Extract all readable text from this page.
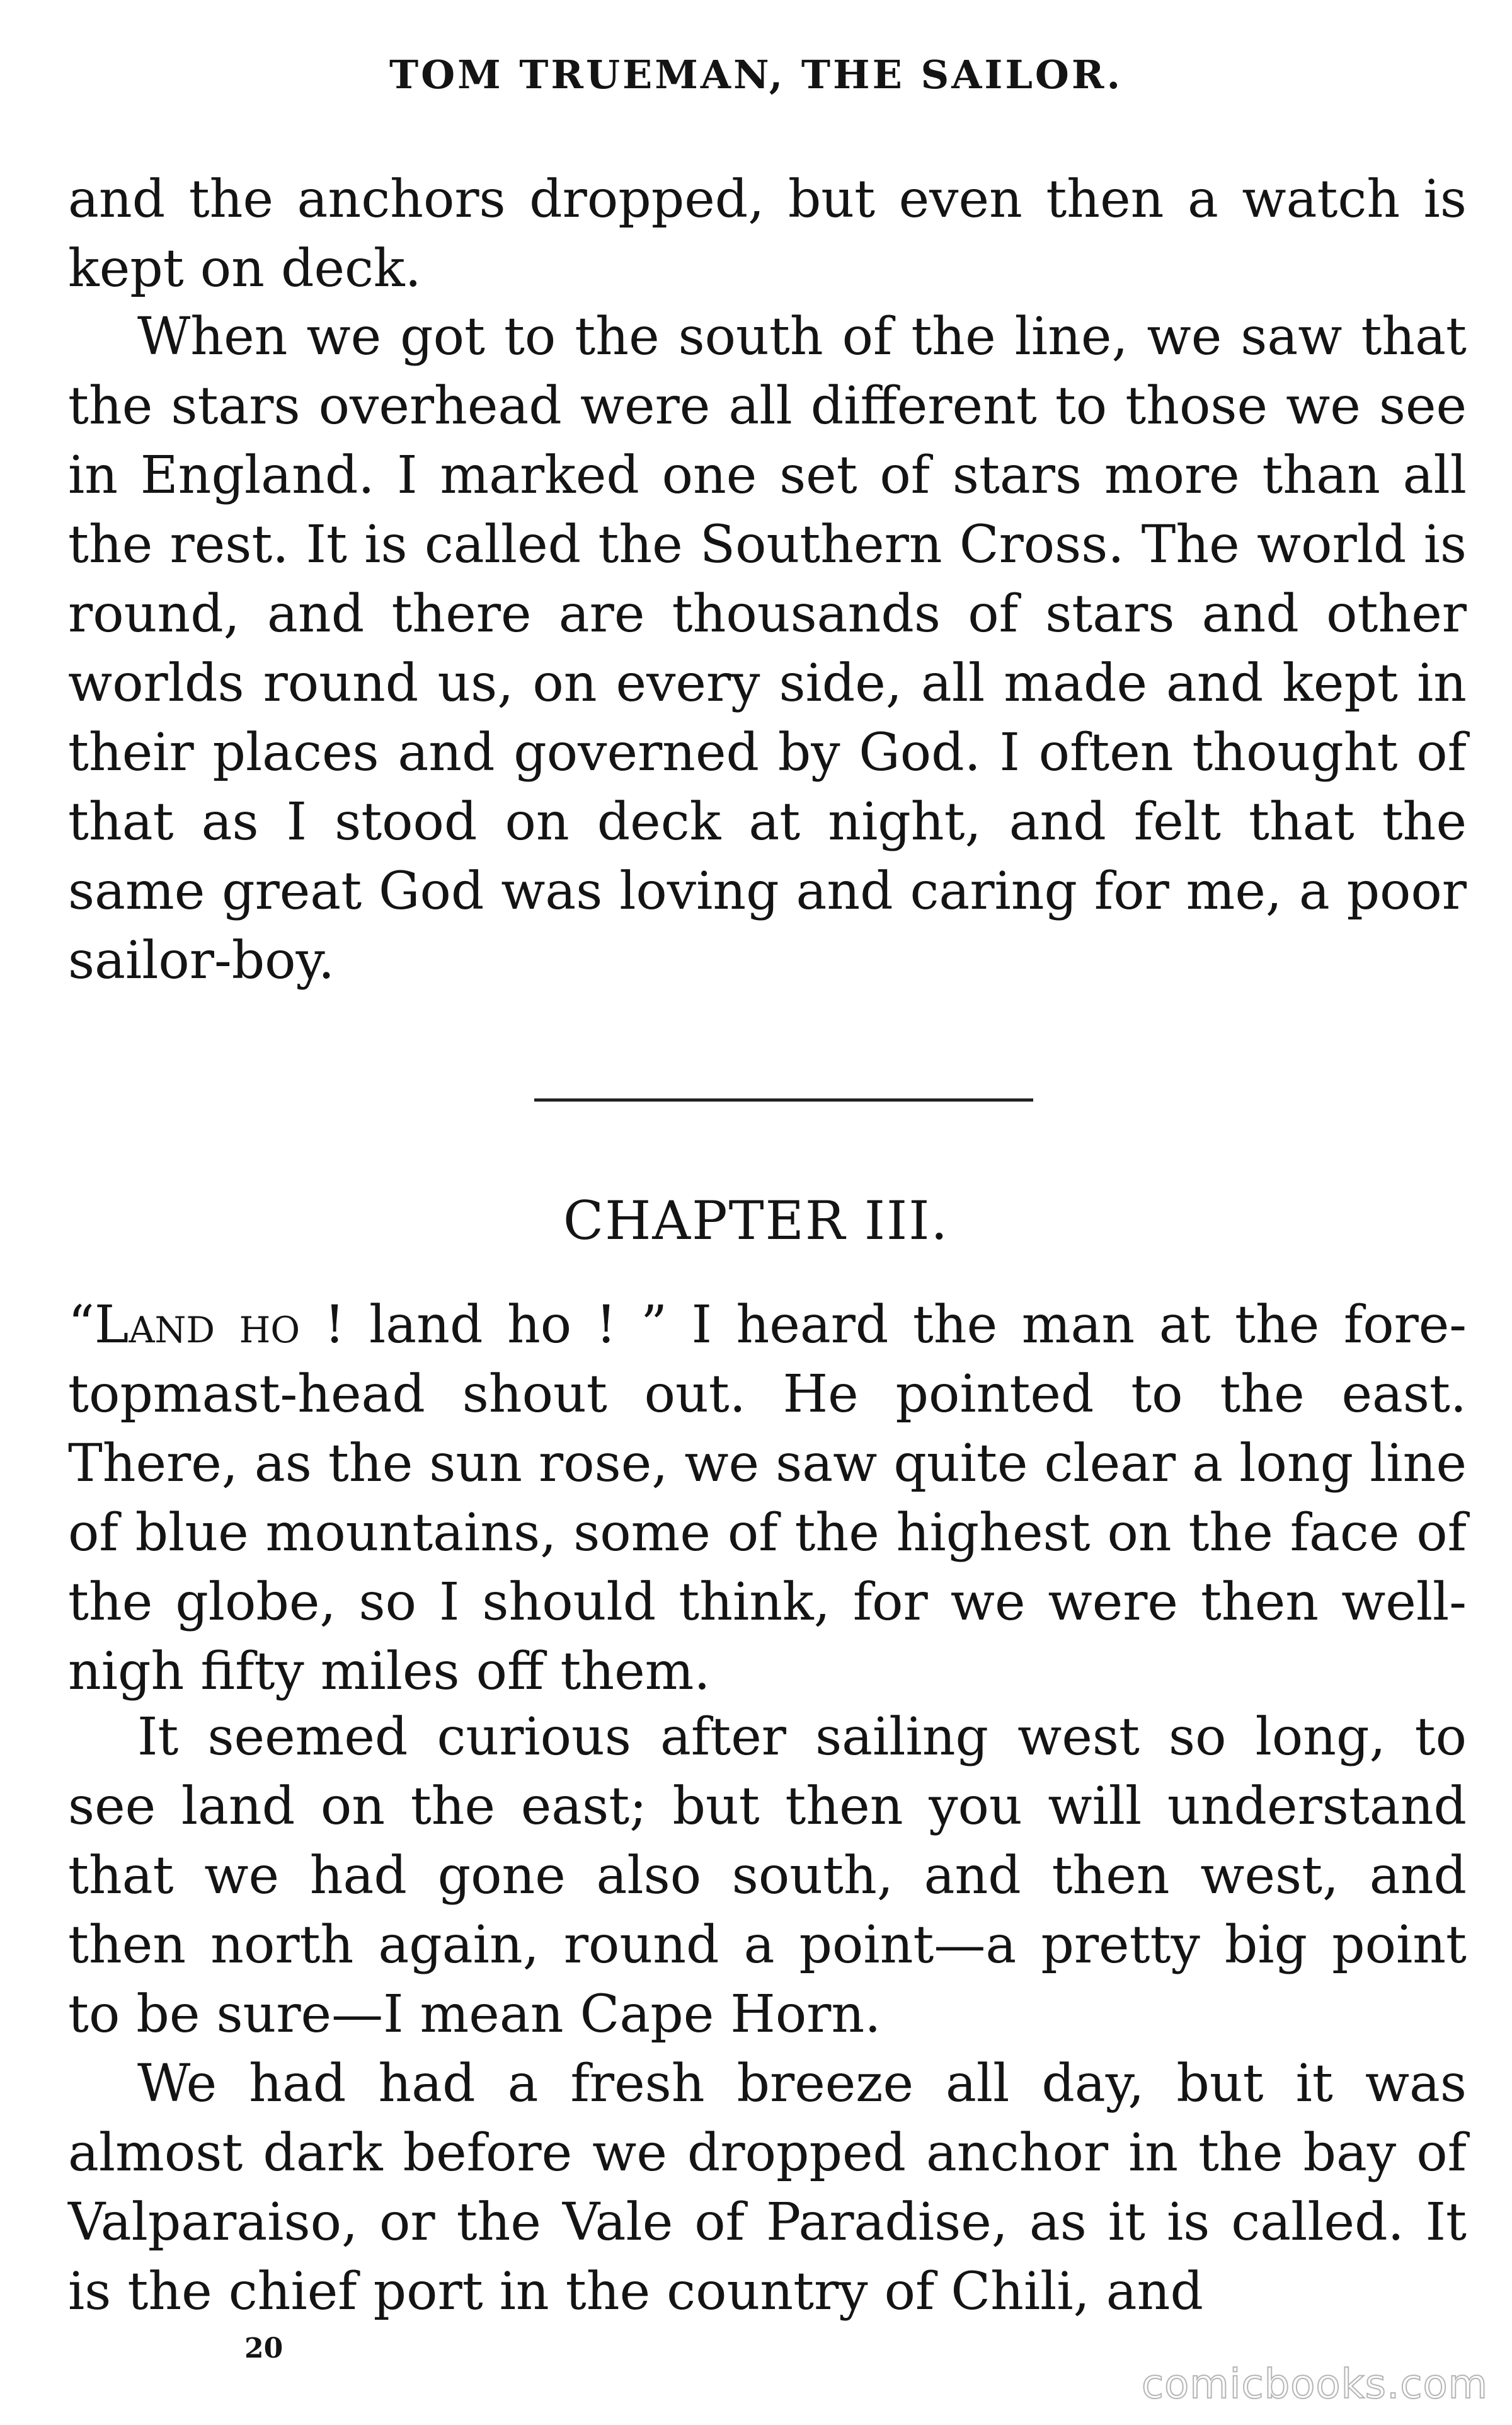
TOM TRUEMAN, THE SAILOR.

and the anchors dropped, but even then a watch is kept on deck.

When we got to the south of the line, we saw that the stars overhead were all different to those we see in England. I marked one set of stars more than all the rest. It is called the Southern Cross. The world is round, and there are thousands of stars and other worlds round us, on every side, all made and kept in their places and governed by God. I often thought of that as I stood on deck at night, and felt that the same great God was loving and caring for me, a poor sailor-boy.

CHAPTER III.

“Land ho ! land ho ! ” I heard the man at the fore-topmast-head shout out. He pointed to the east. There, as the sun rose, we saw quite clear a long line of blue mountains, some of the highest on the face of the globe, so I should think, for we were then well-nigh fifty miles off them.

It seemed curious after sailing west so long, to see land on the east; but then you will understand that we had gone also south, and then west, and then north again, round a point—a pretty big point to be sure—I mean Cape Horn.

We had had a fresh breeze all day, but it was almost dark before we dropped anchor in the bay of Valparaiso, or the Vale of Paradise, as it is called. It is the chief port in the country of Chili, and

20
comicbooks.com
